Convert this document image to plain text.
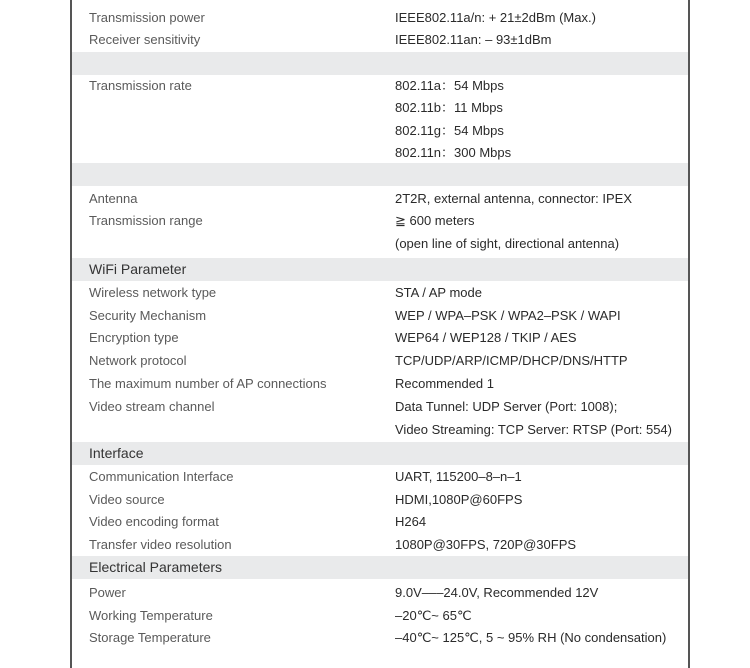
Transmission power	IEEE802.11a/n: + 21±2dBm (Max.)
Receiver sensitivity	IEEE802.11an: – 93±1dBm
Transmission rate	802.11a：54 Mbps
802.11b：11 Mbps
802.11g：54 Mbps
802.11n：300 Mbps
Antenna	2T2R, external antenna, connector: IPEX
Transmission range	≧ 600 meters
(open line of sight, directional antenna)
WiFi Parameter
Wireless network type	STA / AP mode
Security Mechanism	WEP / WPA–PSK / WPA2–PSK / WAPI
Encryption type	WEP64 / WEP128 / TKIP / AES
Network protocol	TCP/UDP/ARP/ICMP/DHCP/DNS/HTTP
The maximum number of AP connections	Recommended 1
Video stream channel	Data Tunnel: UDP Server (Port: 1008);
Video Streaming: TCP Server: RTSP (Port: 554)
Interface
Communication Interface	UART, 115200–8–n–1
Video source	HDMI,1080P@60FPS
Video encoding format	H264
Transfer video resolution	1080P@30FPS, 720P@30FPS
Electrical Parameters
Power	9.0V–––24.0V, Recommended 12V
Working Temperature	–20℃~ 65℃
Storage Temperature	–40℃~ 125℃, 5 ~ 95% RH (No condensation)
